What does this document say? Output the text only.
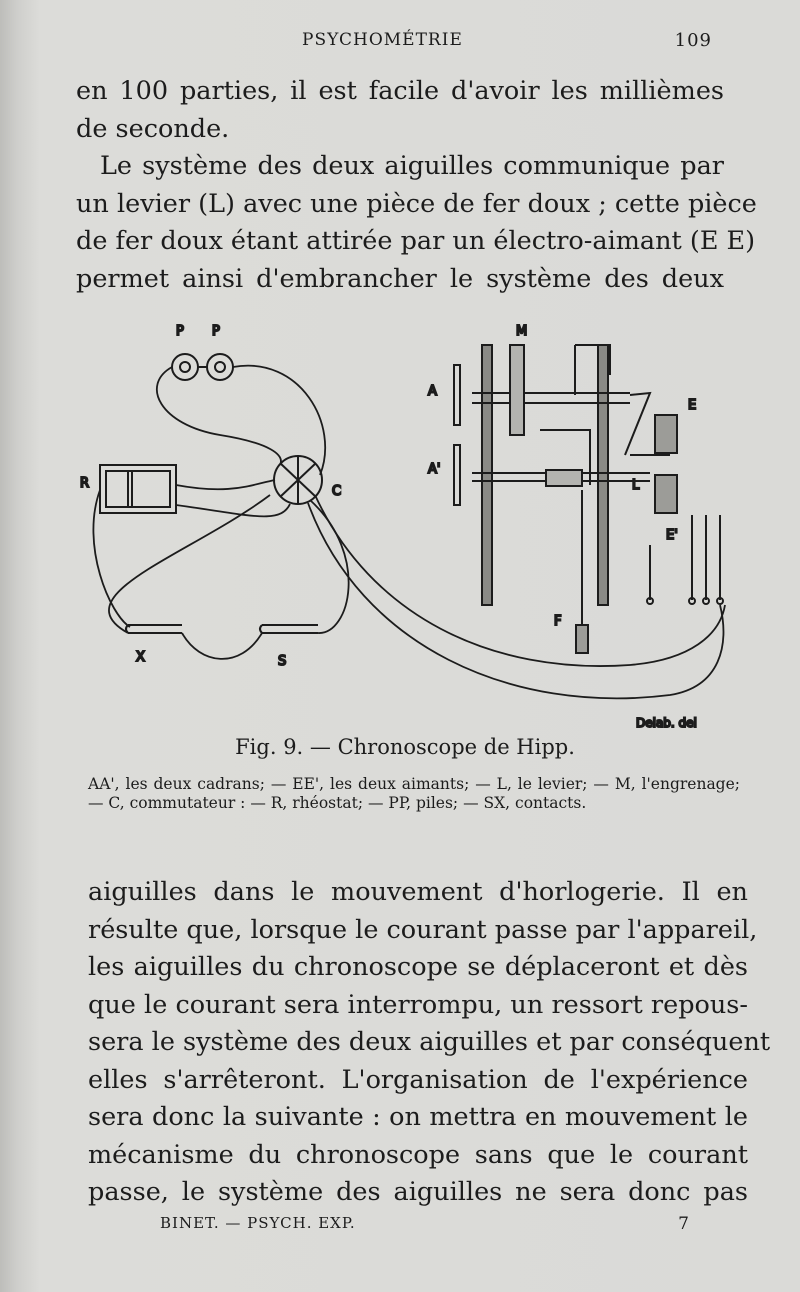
PSYCHOMÉTRIE	109

en 100 parties, il est facile d'avoir les millièmes
de seconde.

Le système des deux aiguilles communique par
un levier (L) avec une pièce de fer doux ; cette pièce
de fer doux étant attirée par un électro-aimant (E E)
permet ainsi d'embrancher le système des deux

P P	M
A
A'
E
E'
L
R
C
X	S
F
Delab. del
Fig. 9. — Chronoscope de Hipp.
AA', les deux cadrans; — EE', les deux aimants; — L, le levier; — M, l'engrenage; — C, commutateur : — R, rhéostat; — PP, piles; — SX, contacts.

aiguilles dans le mouvement d'horlogerie. Il en
résulte que, lorsque le courant passe par l'appareil,
les aiguilles du chronoscope se déplaceront et dès
que le courant sera interrompu, un ressort repous-
sera le système des deux aiguilles et par conséquent
elles s'arrêteront. L'organisation de l'expérience
sera donc la suivante : on mettra en mouvement le
mécanisme du chronoscope sans que le courant
passe, le système des aiguilles ne sera donc pas

BINET. — PSYCH. EXP.	7
